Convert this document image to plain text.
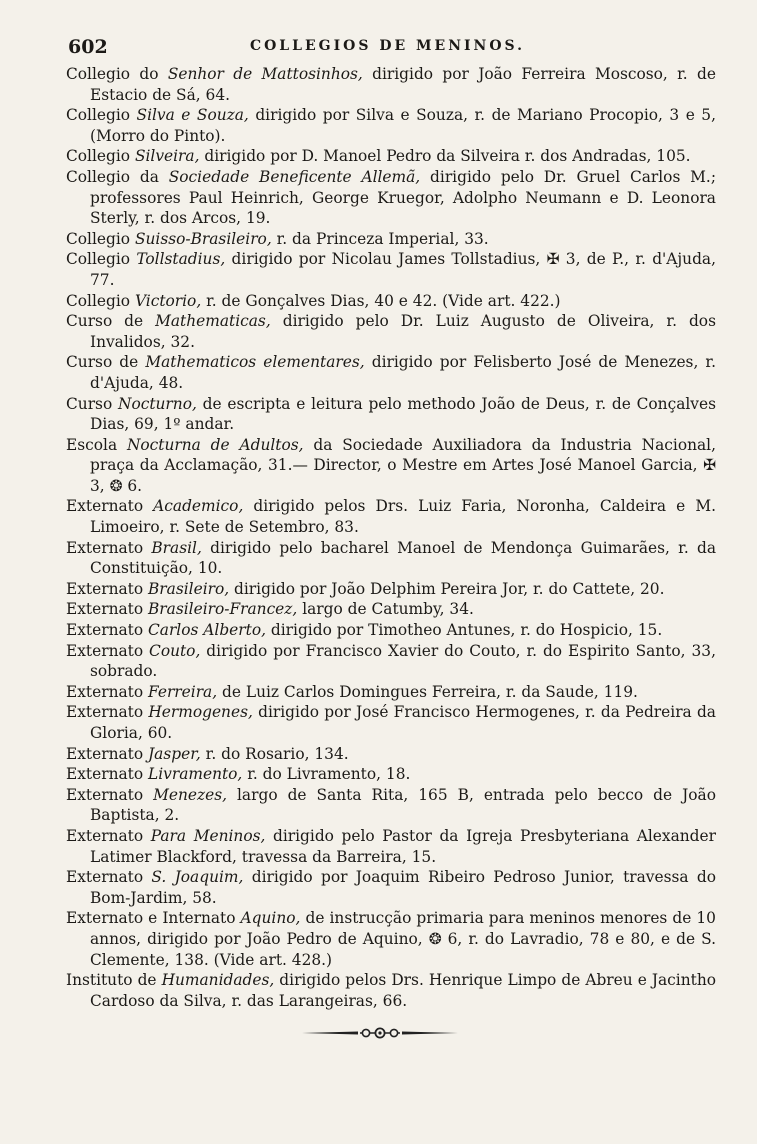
602	COLLEGIOS DE MENINOS.

Collegio do Senhor de Mattosinhos, dirigido por João Ferreira Moscoso, r. de Estacio de Sá, 64.

Collegio Silva e Souza, dirigido por Silva e Souza, r. de Mariano Procopio, 3 e 5, (Morro do Pinto).

Collegio Silveira, dirigido por D. Manoel Pedro da Silveira r. dos Andradas, 105.

Collegio da Sociedade Beneficente Allemã, dirigido pelo Dr. Gruel Carlos M.; professores Paul Heinrich, George Kruegor, Adolpho Neumann e D. Leonora Sterly, r. dos Arcos, 19.

Collegio Suisso-Brasileiro, r. da Princeza Imperial, 33.

Collegio Tollstadius, dirigido por Nicolau James Tollstadius, ✠ 3, de P., r. d'Ajuda, 77.

Collegio Victorio, r. de Gonçalves Dias, 40 e 42. (Vide art. 422.)

Curso de Mathematicas, dirigido pelo Dr. Luiz Augusto de Oliveira, r. dos Invalidos, 32.

Curso de Mathematicos elementares, dirigido por Felisberto José de Menezes, r. d'Ajuda, 48.

Curso Nocturno, de escripta e leitura pelo methodo João de Deus, r. de Conçalves Dias, 69, 1º andar.

Escola Nocturna de Adultos, da Sociedade Auxiliadora da Industria Nacional, praça da Acclamação, 31.— Director, o Mestre em Artes José Manoel Garcia, ✠ 3, ❂ 6.

Externato Academico, dirigido pelos Drs. Luiz Faria, Noronha, Caldeira e M. Limoeiro, r. Sete de Setembro, 83.

Externato Brasil, dirigido pelo bacharel Manoel de Mendonça Guimarães, r. da Constituição, 10.

Externato Brasileiro, dirigido por João Delphim Pereira Jor, r. do Cattete, 20.

Externato Brasileiro-Francez, largo de Catumby, 34.

Externato Carlos Alberto, dirigido por Timotheo Antunes, r. do Hospicio, 15.

Externato Couto, dirigido por Francisco Xavier do Couto, r. do Espirito Santo, 33, sobrado.

Externato Ferreira, de Luiz Carlos Domingues Ferreira, r. da Saude, 119.

Externato Hermogenes, dirigido por José Francisco Hermogenes, r. da Pedreira da Gloria, 60.

Externato Jasper, r. do Rosario, 134.

Externato Livramento, r. do Livramento, 18.

Externato Menezes, largo de Santa Rita, 165 B, entrada pelo becco de João Baptista, 2.

Externato Para Meninos, dirigido pelo Pastor da Igreja Presbyteriana Alexander Latimer Blackford, travessa da Barreira, 15.

Externato S. Joaquim, dirigido por Joaquim Ribeiro Pedroso Junior, travessa do Bom-Jardim, 58.

Externato e Internato Aquino, de instrucção primaria para meninos menores de 10 annos, dirigido por João Pedro de Aquino, ❂ 6, r. do Lavradio, 78 e 80, e de S. Clemente, 138. (Vide art. 428.)

Instituto de Humanidades, dirigido pelos Drs. Henrique Limpo de Abreu e Jacintho Cardoso da Silva, r. das Larangeiras, 66.
